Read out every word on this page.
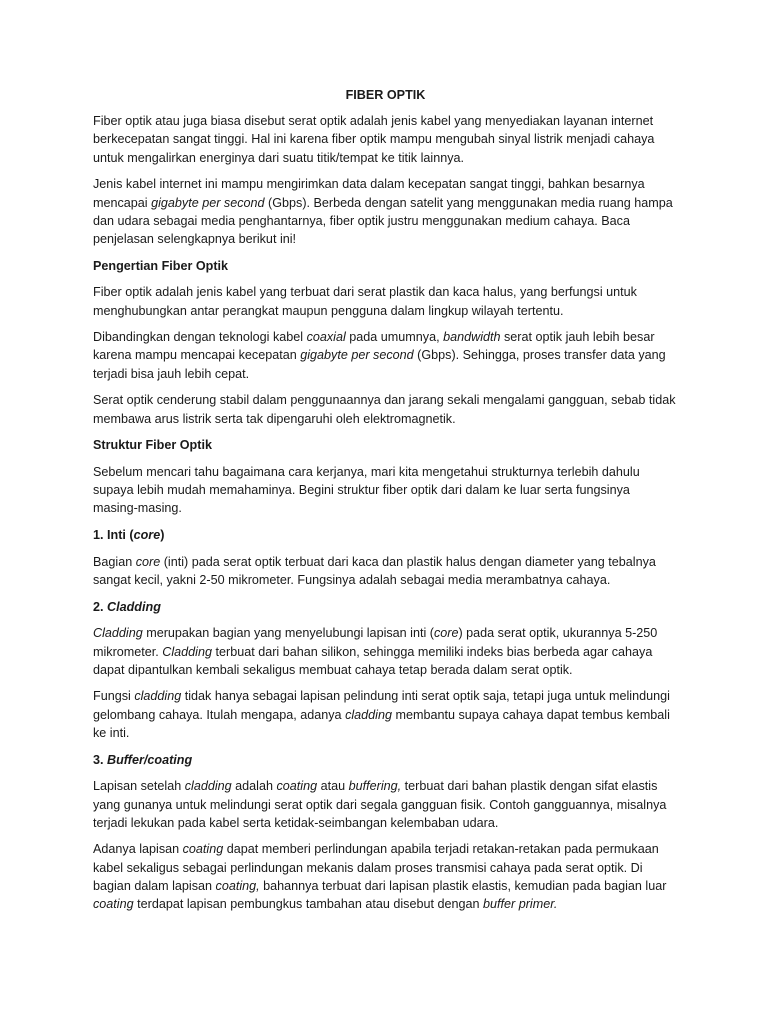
FIBER OPTIK

Fiber optik atau juga biasa disebut serat optik adalah jenis kabel yang menyediakan layanan internet berkecepatan sangat tinggi. Hal ini karena fiber optik mampu mengubah sinyal listrik menjadi cahaya untuk mengalirkan energinya dari suatu titik/tempat ke titik lainnya.

Jenis kabel internet ini mampu mengirimkan data dalam kecepatan sangat tinggi, bahkan besarnya mencapai gigabyte per second (Gbps). Berbeda dengan satelit yang menggunakan media ruang hampa dan udara sebagai media penghantarnya, fiber optik justru menggunakan medium cahaya. Baca penjelasan selengkapnya berikut ini!

Pengertian Fiber Optik

Fiber optik adalah jenis kabel yang terbuat dari serat plastik dan kaca halus, yang berfungsi untuk menghubungkan antar perangkat maupun pengguna dalam lingkup wilayah tertentu.

Dibandingkan dengan teknologi kabel coaxial pada umumnya, bandwidth serat optik jauh lebih besar karena mampu mencapai kecepatan gigabyte per second (Gbps). Sehingga, proses transfer data yang terjadi bisa jauh lebih cepat.

Serat optik cenderung stabil dalam penggunaannya dan jarang sekali mengalami gangguan, sebab tidak membawa arus listrik serta tak dipengaruhi oleh elektromagnetik.

Struktur Fiber Optik

Sebelum mencari tahu bagaimana cara kerjanya, mari kita mengetahui strukturnya terlebih dahulu supaya lebih mudah memahaminya. Begini struktur fiber optik dari dalam ke luar serta fungsinya masing-masing.

1. Inti (core)

Bagian core (inti) pada serat optik terbuat dari kaca dan plastik halus dengan diameter yang tebalnya sangat kecil, yakni 2-50 mikrometer. Fungsinya adalah sebagai media merambatnya cahaya.

2. Cladding

Cladding merupakan bagian yang menyelubungi lapisan inti (core) pada serat optik, ukurannya 5-250 mikrometer. Cladding terbuat dari bahan silikon, sehingga memiliki indeks bias berbeda agar cahaya dapat dipantulkan kembali sekaligus membuat cahaya tetap berada dalam serat optik.

Fungsi cladding tidak hanya sebagai lapisan pelindung inti serat optik saja, tetapi juga untuk melindungi gelombang cahaya. Itulah mengapa, adanya cladding membantu supaya cahaya dapat tembus kembali ke inti.

3. Buffer/coating

Lapisan setelah cladding adalah coating atau buffering, terbuat dari bahan plastik dengan sifat elastis yang gunanya untuk melindungi serat optik dari segala gangguan fisik. Contoh gangguannya, misalnya terjadi lekukan pada kabel serta ketidak-seimbangan kelembaban udara.

Adanya lapisan coating dapat memberi perlindungan apabila terjadi retakan-retakan pada permukaan kabel sekaligus sebagai perlindungan mekanis dalam proses transmisi cahaya pada serat optik. Di bagian dalam lapisan coating, bahannya terbuat dari lapisan plastik elastis, kemudian pada bagian luar coating terdapat lapisan pembungkus tambahan atau disebut dengan buffer primer.
